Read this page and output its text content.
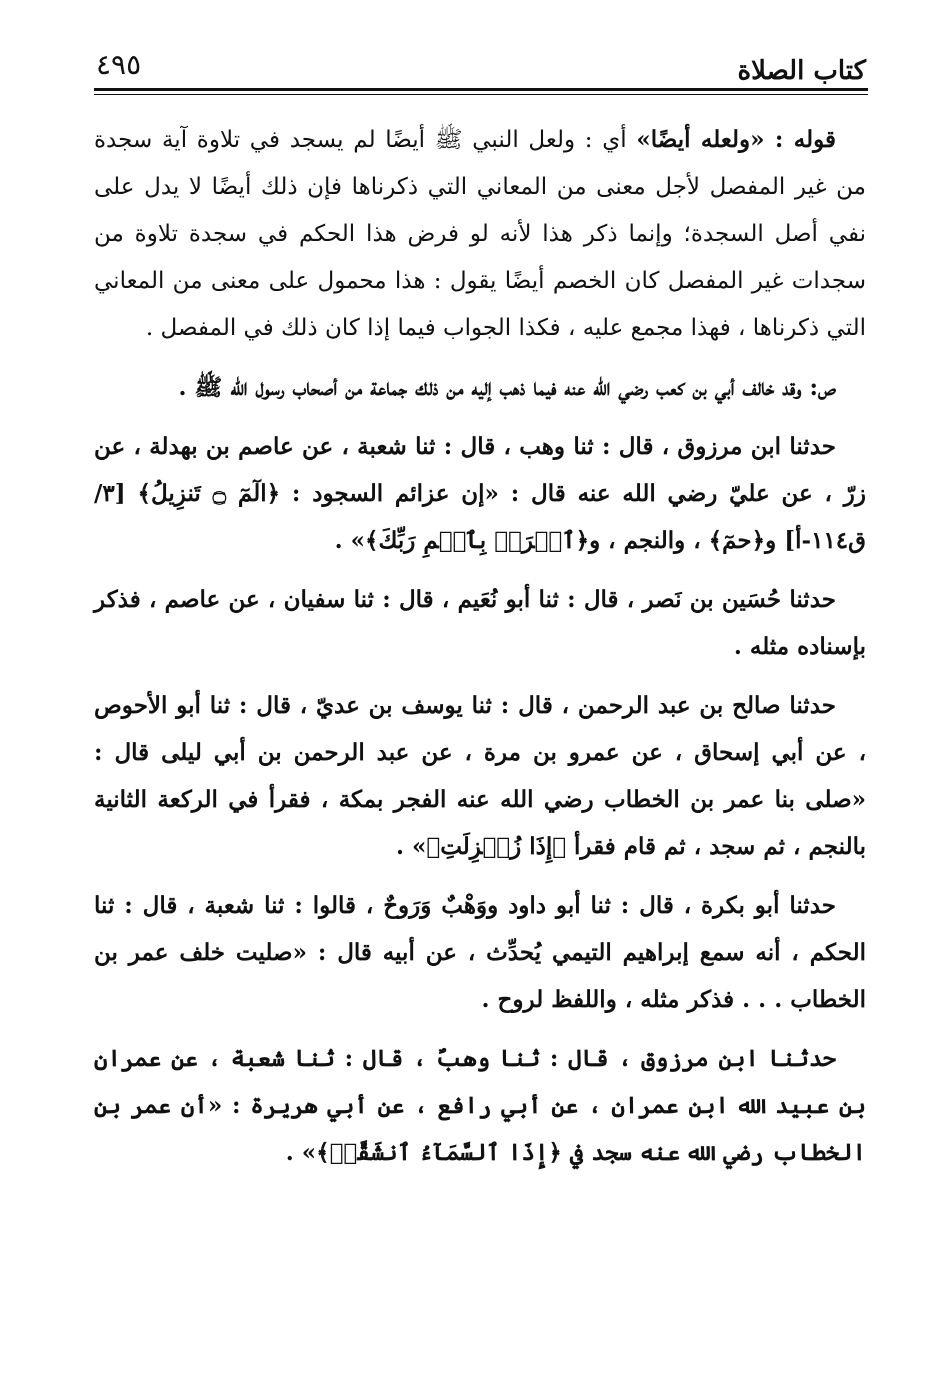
كتاب الصلاة
٤٩٥

قوله : «ولعله أيضًا» أي : ولعل النبي ﷺ أيضًا لم يسجد في تلاوة آية سجدة من غير المفصل لأجل معنى من المعاني التي ذكرناها فإن ذلك أيضًا لا يدل على نفي أصل السجدة؛ وإنما ذكر هذا لأنه لو فرض هذا الحكم في سجدة تلاوة من سجدات غير المفصل كان الخصم أيضًا يقول : هذا محمول على معنى من المعاني التي ذكرناها ، فهذا مجمع عليه ، فكذا الجواب فيما إذا كان ذلك في المفصل .

ص: وقد خالف أبي بن كعب رضي الله عنه فيما ذهب إليه من ذلك جماعة من أصحاب رسول الله ﷺ .

حدثنا ابن مرزوق ، قال : ثنا وهب ، قال : ثنا شعبة ، عن عاصم بن بهدلة ، عن زرّ ، عن عليّ رضي الله عنه قال : «إن عزائم السجود : ﴿الٓمٓ ۝ تَنزِيلُ﴾ [٣/ق١١٤-أ] و﴿حمٓ﴾ ، والنجم ، و﴿ٱقۡرَأۡ بِٱسۡمِ رَبِّكَ﴾» .

حدثنا حُسَين بن نَصر ، قال : ثنا أبو نُعَيم ، قال : ثنا سفيان ، عن عاصم ، فذكر بإسناده مثله .

حدثنا صالح بن عبد الرحمن ، قال : ثنا يوسف بن عديّ ، قال : ثنا أبو الأحوص ، عن أبي إسحاق ، عن عمرو بن مرة ، عن عبد الرحمن بن أبي ليلى قال : «صلى بنا عمر بن الخطاب رضي الله عنه الفجر بمكة ، فقرأ في الركعة الثانية بالنجم ، ثم سجد ، ثم قام فقرأ ﴿إِذَا زُلۡزِلَتِ﴾» .

حدثنا أبو بكرة ، قال : ثنا أبو داود ووَهْبٌ وَرَوحٌ ، قالوا : ثنا شعبة ، قال : ثنا الحكم ، أنه سمع إبراهيم التيمي يُحدِّث ، عن أبيه قال : «صليت خلف عمر بن الخطاب . . . فذكر مثله ، واللفظ لروح .

حدثنا ابن مرزوق ، قال : ثنا وهبٌ ، قال : ثنا شعبة ، عن عمران بن عبيد الله ابن عمران ، عن أبي رافع ، عن أبي هريرة : «أن عمر بن الخطاب رضي الله عنه سجد في ﴿إِذَا ٱلسَّمَآءُ ٱنشَقَّتۡ﴾» .
